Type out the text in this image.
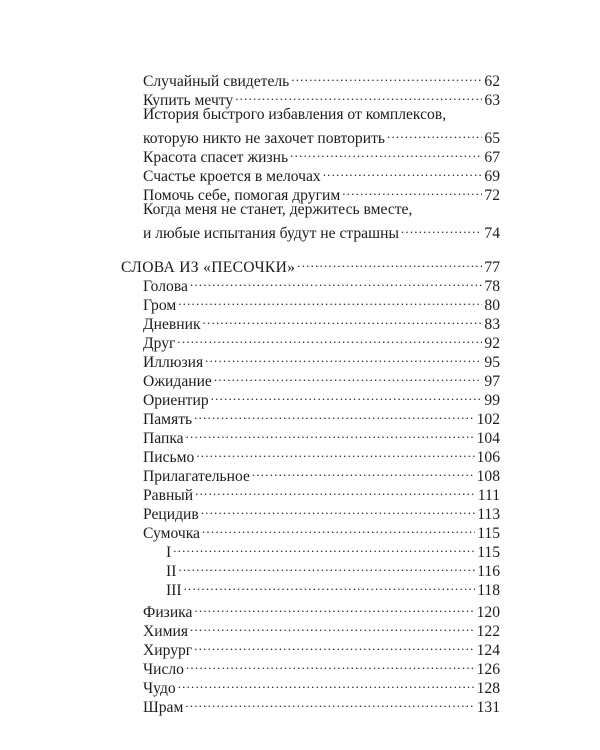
Случайный свидетель .....	62
Купить мечту .....	63
История быстрого избавления от комплексов,
которую никто не захочет повторить .....	65
Красота спасет жизнь .....	67
Счастье кроется в мелочах .....	69
Помочь себе, помогая другим .....	72
Когда меня не станет, держитесь вместе,
и любые испытания будут не страшны .....	74
СЛОВА ИЗ «ПЕСОЧКИ» .....	77
Голова .....	78
Гром .....	80
Дневник .....	83
Друг .....	92
Иллюзия .....	95
Ожидание .....	97
Ориентир .....	99
Память .....	102
Папка .....	104
Письмо .....	106
Прилагательное .....	108
Равный .....	111
Рецидив .....	113
Сумочка .....	115
I .....	115
II .....	116
III .....	118
Физика .....	120
Химия .....	122
Хирург .....	124
Число .....	126
Чудо .....	128
Шрам .....	131
